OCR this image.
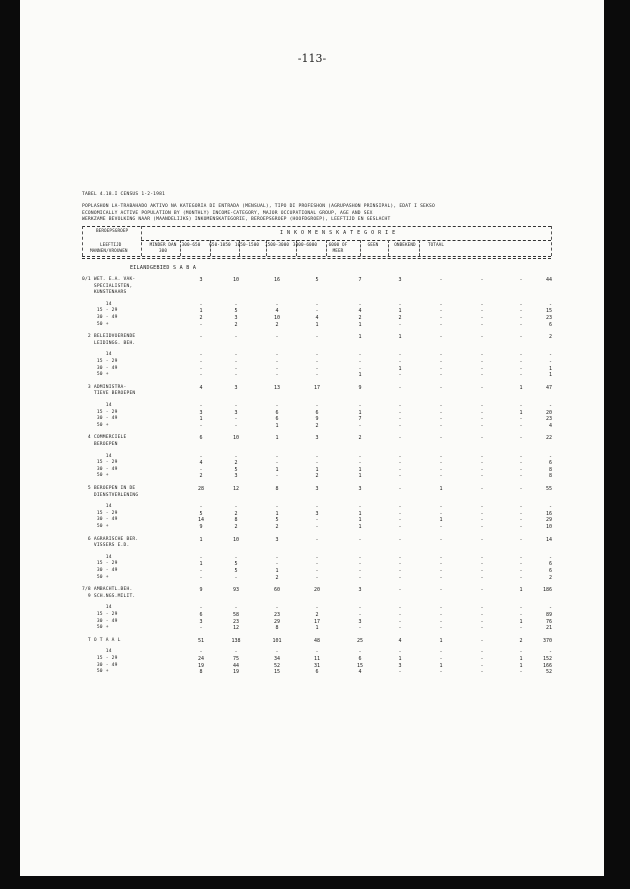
-113-
TABEL 4.18.I CENSUS 1-2-1981
POPLASHON LA-TRABAHADO AKTIVO NA KATEGORIA DI ENTRADA (MENSUAL), TIPO DI PROFESHON (AGRUPASHON PRINSIPAL), EDAT I SEKSO
ECONOMICALLY ACTIVE POPULATION BY (MONTHLY) INCOME-CATEGORY, MAJOR OCCUPATIONAL GROUP, AGE AND SEX
WERKZAME BEVOLKING NAAR (MAANDELIJKS) INKOMENSKATEGORIE, BEROEPSGROEP (HOOFDGROEP), LEEFTIJD EN GESLACHT
BEROEPSGROEP
LEEFTIJD
MANNEN/VROUWEN
INKOMENSKATEGORIE
MINDER DAN
300
300-650	650-1050 1050-1500	1500-3000 3000-6000	6000 OF
MEER
GEEN	ONBEKEND	TOTAAL
EILANDGEBIED S A B A
0/1 WET. E.A. VAK-	3	10	16	5	7	3	-	-	-	44
SPECIALISTEN,
KUNSTENAARS
14	-	-	-	-	-	-	-	-	-	-
15 - 29	1	5	4	-	4	1	-	-	-	15
30 - 49	2	3	10	4	2	2	-	-	-	23
50 +	-	2	2	1	1	-	-	-	-	6
2 BELEIDVOERENDE	-	-	-	-	1	1	-	-	-	2
LEIDINGG. BEH.
14	-	-	-	-	-	-	-	-	-	-
15 - 29	-	-	-	-	-	-	-	-	-	-
30 - 49	-	-	-	-	-	1	-	-	-	1
50 +	-	-	-	-	1	-	-	-	-	1
3 ADMINISTRA-	4	3	13	17	9	-	-	-	1	47
TIEVE BEROEPEN
14	-	-	-	-	-	-	-	-	-	-
15 - 29	3	3	6	6	1	-	-	-	1	20
30 - 49	1	-	6	9	7	-	-	-	-	23
50 +	-	-	1	2	-	-	-	-	-	4
4 COMMERCIELE	6	10	1	3	2	-	-	-	-	22
BEROEPEN
14	-	-	-	-	-	-	-	-	-	-
15 - 29	4	2	-	-	-	-	-	-	-	6
30 - 49	-	5	1	1	1	-	-	-	-	8
50 +	2	3	-	2	1	-	-	-	-	8
5 BEROEPEN IN DE	28	12	8	3	3	-	1	-	-	55
DIENSTVERLENING
14	-	-	-	-	-	-	-	-	-	-
15 - 29	5	2	1	3	1	-	-	-	-	16
30 - 49	14	8	5	-	1	-	1	-	-	29
50 +	9	2	2	-	1	-	-	-	-	10
6 AGRARISCHE BER.	1	10	3	-	-	-	-	-	-	14
VISSERS E.D.
14	-	-	-	-	-	-	-	-	-	-
15 - 29	1	5	-	-	-	-	-	-	-	6
30 - 49	-	5	1	-	-	-	-	-	-	6
50 +	-	-	2	-	-	-	-	-	-	2
7/8 AMBACHTL.BEH.	9	93	60	20	3	-	-	-	1	186
9 SCH.NGS.MILIT.
14	-	-	-	-	-	-	-	-	-	-
15 - 29	6	58	23	2	-	-	-	-	-	89
30 - 49	3	23	29	17	3	-	-	-	1	76
50 +	-	12	8	1	-	-	-	-	-	21
T O T A A L	51	138	101	48	25	4	1	-	2	370
14	-	-	-	-	-	-	-	-	-	-
15 - 29	24	75	34	11	6	1	-	-	1	152
30 - 49	19	44	52	31	15	3	1	-	1	166
50 +	8	19	15	6	4	-	-	-	-	52
